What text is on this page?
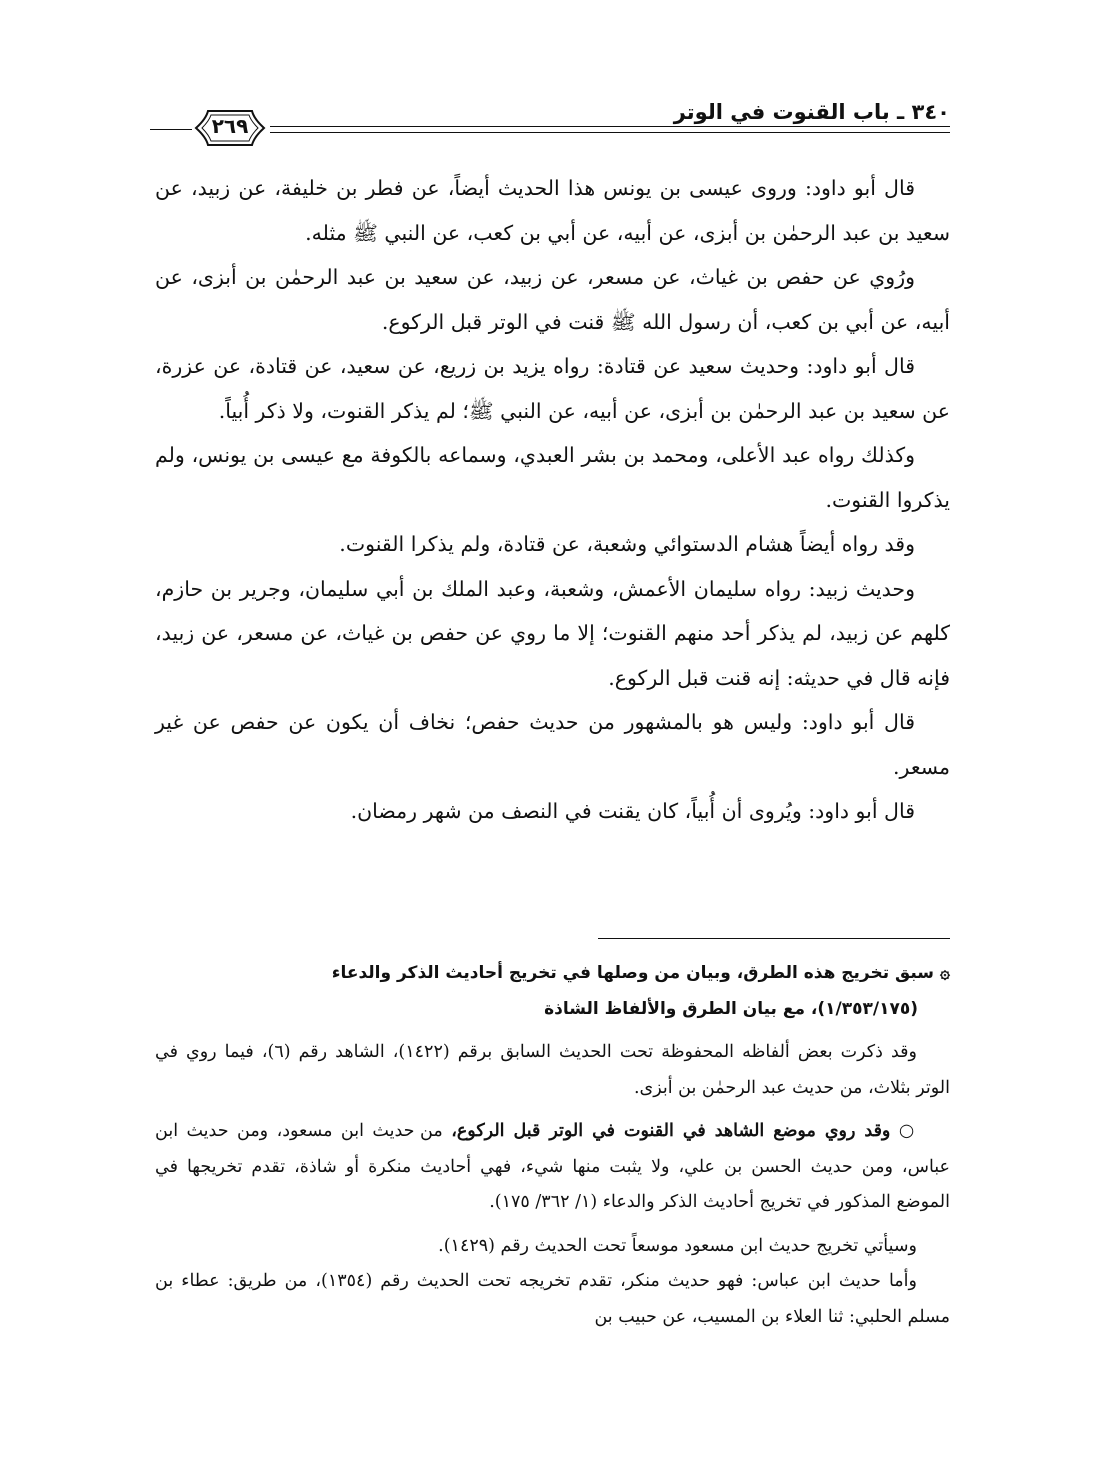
٣٤٠ ـ باب القنوت في الوتر
٢٦٩

قال أبو داود: وروى عيسى بن يونس هذا الحديث أيضاً، عن فطر بن خليفة، عن زبيد، عن سعيد بن عبد الرحمٰن بن أبزى، عن أبيه، عن أبي بن كعب، عن النبي ﷺ مثله.

ورُوي عن حفص بن غياث، عن مسعر، عن زبيد، عن سعيد بن عبد الرحمٰن بن أبزى، عن أبيه، عن أبي بن كعب، أن رسول الله ﷺ قنت في الوتر قبل الركوع.

قال أبو داود: وحديث سعيد عن قتادة: رواه يزيد بن زريع، عن سعيد، عن قتادة، عن عزرة، عن سعيد بن عبد الرحمٰن بن أبزى، عن أبيه، عن النبي ﷺ؛ لم يذكر القنوت، ولا ذكر أُبياً.

وكذلك رواه عبد الأعلى، ومحمد بن بشر العبدي، وسماعه بالكوفة مع عيسى بن يونس، ولم يذكروا القنوت.

وقد رواه أيضاً هشام الدستوائي وشعبة، عن قتادة، ولم يذكرا القنوت.

وحديث زبيد: رواه سليمان الأعمش، وشعبة، وعبد الملك بن أبي سليمان، وجرير بن حازم، كلهم عن زبيد، لم يذكر أحد منهم القنوت؛ إلا ما روي عن حفص بن غياث، عن مسعر، عن زبيد، فإنه قال في حديثه: إنه قنت قبل الركوع.

قال أبو داود: وليس هو بالمشهور من حديث حفص؛ نخاف أن يكون عن حفص عن غير مسعر.

قال أبو داود: ويُروى أن أُبياً، كان يقنت في النصف من شهر رمضان.

۞سبق تخريج هذه الطرق، وبيان من وصلها في تخريج أحاديث الذكر والدعاء
(١/٣٥٣/١٧٥)، مع بيان الطرق والألفاظ الشاذة

وقد ذكرت بعض ألفاظه المحفوظة تحت الحديث السابق برقم (١٤٢٢)، الشاهد رقم (٦)، فيما روي في الوتر بثلاث، من حديث عبد الرحمٰن بن أبزى.

○ وقد روي موضع الشاهد في القنوت في الوتر قبل الركوع، من حديث ابن مسعود، ومن حديث ابن عباس، ومن حديث الحسن بن علي، ولا يثبت منها شيء، فهي أحاديث منكرة أو شاذة، تقدم تخريجها في الموضع المذكور في تخريج أحاديث الذكر والدعاء (١/ ٣٦٢/ ١٧٥).

وسيأتي تخريج حديث ابن مسعود موسعاً تحت الحديث رقم (١٤٢٩).

وأما حديث ابن عباس: فهو حديث منكر، تقدم تخريجه تحت الحديث رقم (١٣٥٤)، من طريق: عطاء بن مسلم الحلبي: ثنا العلاء بن المسيب، عن حبيب بن
